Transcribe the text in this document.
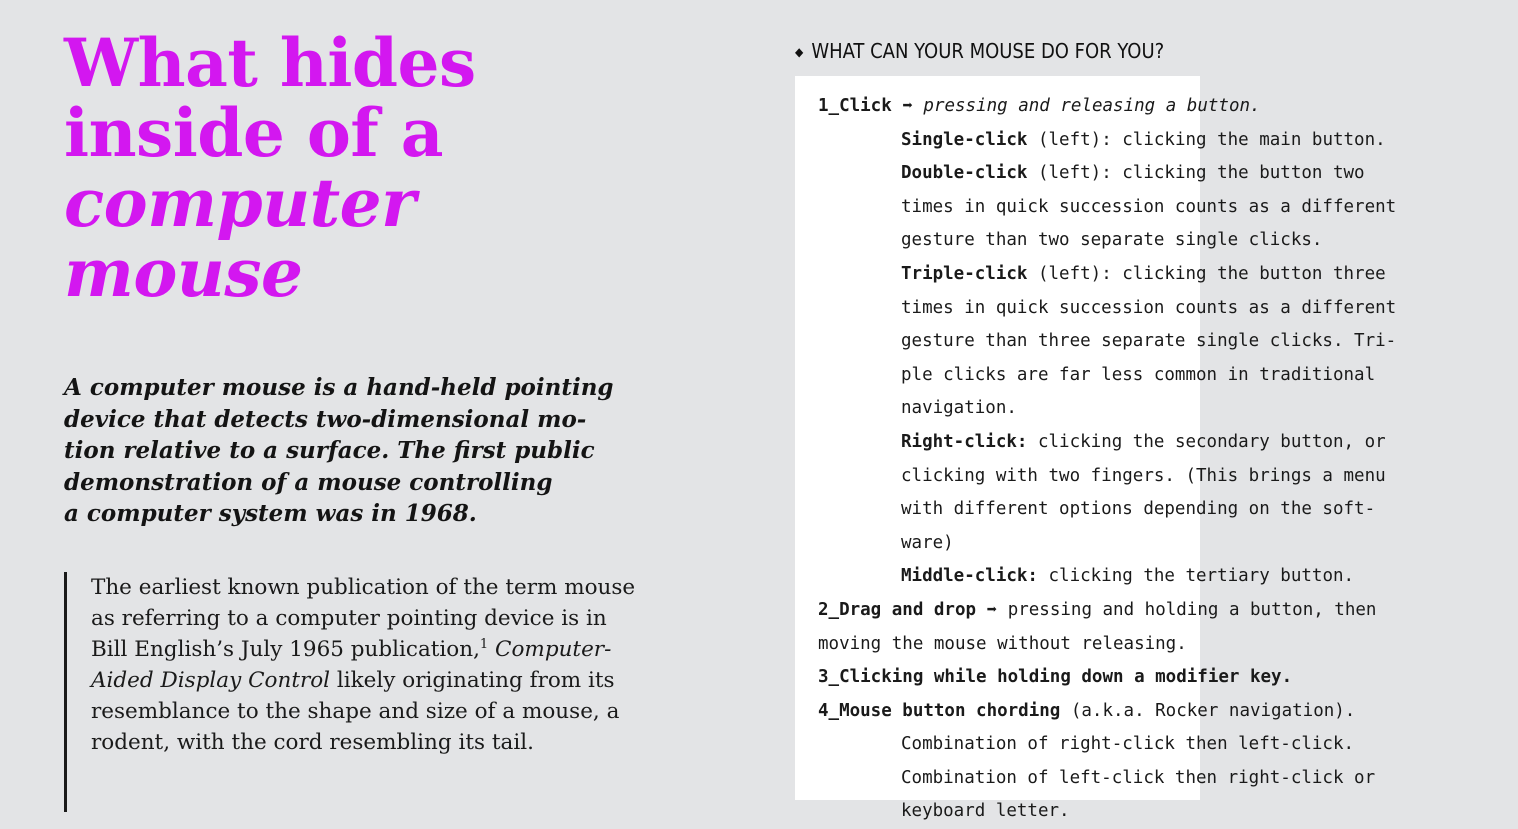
What hides
inside of a
computer
mouse

A computer mouse is a hand-held pointing
device that detects two-dimensional mo-
tion relative to a surface. The first public
demonstration of a mouse controlling
a computer system was in 1968.

The earliest known publication of the term mouse
as referring to a computer pointing device is in
Bill English’s July 1965 publication,$^1$ Computer-
Aided Display Control likely originating from its
resemblance to the shape and size of a mouse, a
rodent, with the cord resembling its tail.
◆ WHAT CAN YOUR MOUSE DO FOR YOU?
1_Click ➡ pressing and releasing a button.
Single-click (left): clicking the main button.
Double-click (left): clicking the button two
times in quick succession counts as a different
gesture than two separate single clicks.
Triple-click (left): clicking the button three
times in quick succession counts as a different
gesture than three separate single clicks. Tri-
ple clicks are far less common in traditional
navigation.
Right-click: clicking the secondary button, or
clicking with two fingers. (This brings a menu
with different options depending on the soft-
ware)
Middle-click: clicking the tertiary button.
2_Drag and drop ➡ pressing and holding a button, then
moving the mouse without releasing.
3_Clicking while holding down a modifier key.
4_Mouse button chording (a.k.a. Rocker navigation).
Combination of right-click then left-click.
Combination of left-click then right-click or
keyboard letter.
